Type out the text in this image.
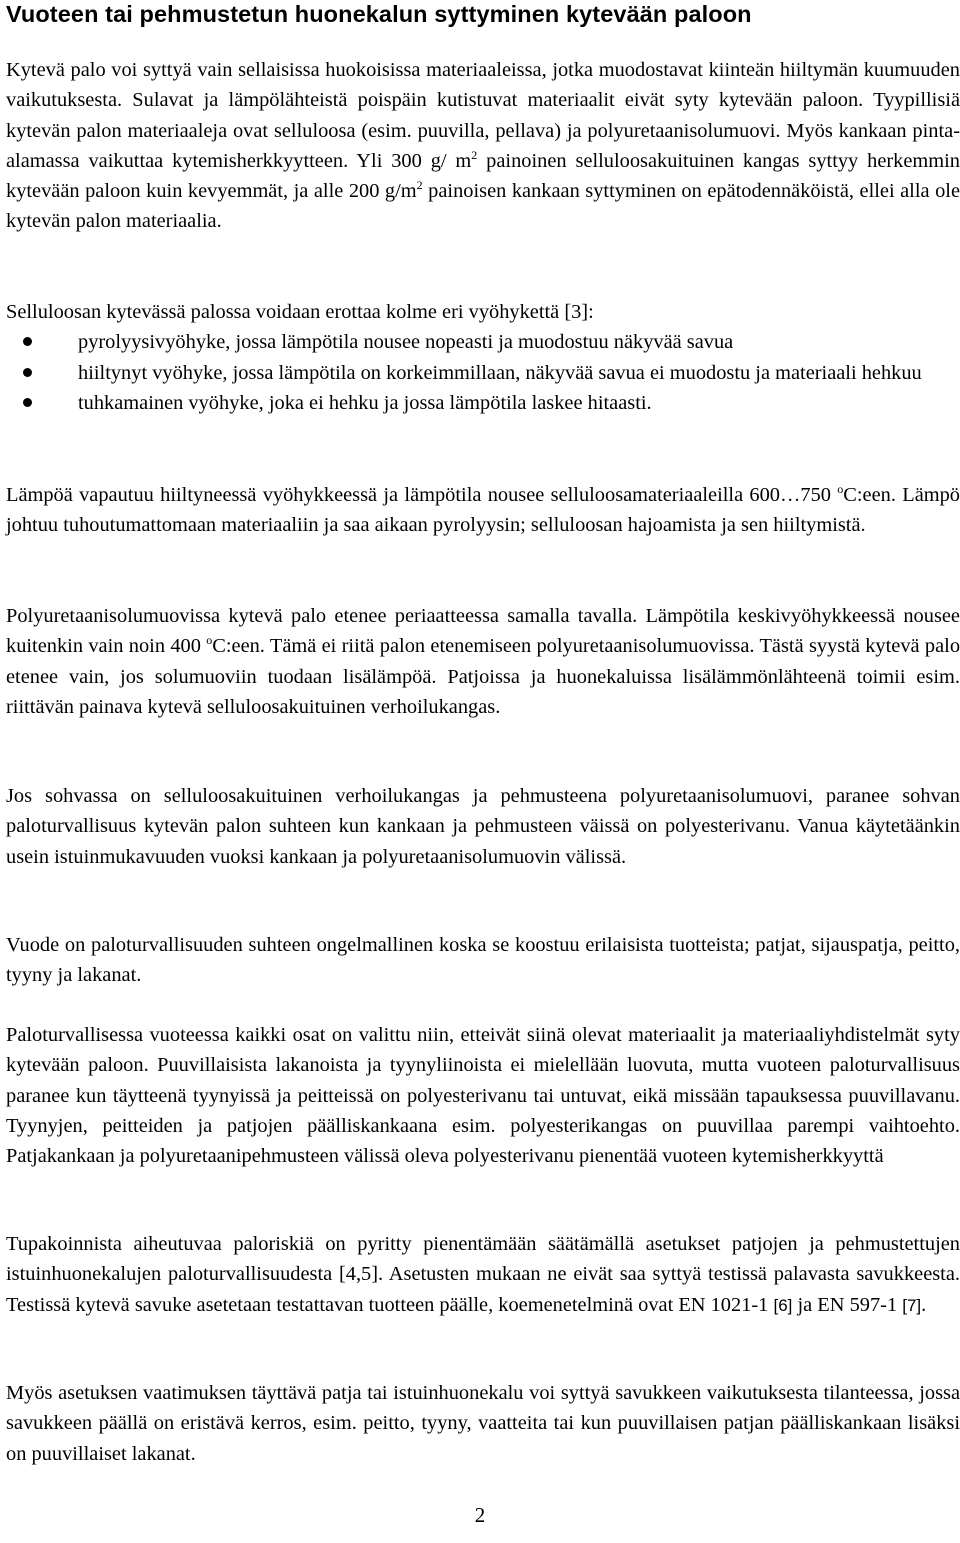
Vuoteen tai pehmustetun huonekalun syttyminen kytevään paloon

Kytevä palo voi syttyä vain sellaisissa huokoisissa materiaaleissa, jotka muodostavat kiinteän hiiltymän kuumuuden vaikutuksesta. Sulavat ja lämpölähteistä poispäin kutistuvat materiaalit eivät syty kytevään paloon. Tyypillisiä kytevän palon materiaaleja ovat selluloosa (esim. puuvilla, pellava) ja polyuretaanisolumuovi. Myös kankaan pinta-alamassa vaikuttaa kytemisherkkyytteen. Yli 300 g/ $m^2$ painoinen selluloosakuituinen kangas syttyy herkemmin kytevään paloon kuin kevyemmät, ja alle 200 $g/m^2$ painoisen kankaan syttyminen on epätodennäköistä, ellei alla ole kytevän palon materiaalia.

Selluloosan kytevässä palossa voidaan erottaa kolme eri vyöhykettä [3]:

pyrolyysivyöhyke, jossa lämpötila nousee nopeasti ja muodostuu näkyvää savua
hiiltynyt vyöhyke, jossa lämpötila on korkeimmillaan, näkyvää savua ei muodostu ja materiaali hehkuu
tuhkamainen vyöhyke, joka ei hehku ja jossa lämpötila laskee hitaasti.

Lämpöä vapautuu hiiltyneessä vyöhykkeessä ja lämpötila nousee selluloosamateriaaleilla 600…750 $^o$C:een. Lämpö johtuu tuhoutumattomaan materiaaliin ja saa aikaan pyrolyysin; selluloosan hajoamista ja sen hiiltymistä.

Polyuretaanisolumuovissa kytevä palo etenee periaatteessa samalla tavalla. Lämpötila keskivyöhykkeessä nousee kuitenkin vain noin 400 $^o$C:een. Tämä ei riitä palon etenemiseen polyuretaanisolumuovissa. Tästä syystä kytevä palo etenee vain, jos solumuoviin tuodaan lisälämpöä. Patjoissa ja huonekaluissa lisälämmönlähteenä toimii esim. riittävän painava kytevä selluloosakuituinen verhoilukangas.

Jos sohvassa on selluloosakuituinen verhoilukangas ja pehmusteena polyuretaanisolumuovi, paranee sohvan paloturvallisuus kytevän palon suhteen kun kankaan ja pehmusteen väissä on polyesterivanu. Vanua käytetäänkin usein istuinmukavuuden vuoksi kankaan ja polyuretaanisolumuovin välissä.

Vuode on paloturvallisuuden suhteen ongelmallinen koska se koostuu erilaisista tuotteista; patjat, sijauspatja, peitto, tyyny ja lakanat.

Paloturvallisessa vuoteessa kaikki osat on valittu niin, etteivät siinä olevat materiaalit ja materiaaliyhdistelmät syty kytevään paloon. Puuvillaisista lakanoista ja tyynyliinoista ei mielellään luovuta, mutta vuoteen paloturvallisuus paranee kun täytteenä tyynyissä ja peitteissä on polyesterivanu tai untuvat, eikä missään tapauksessa puuvillavanu. Tyynyjen, peitteiden ja patjojen päälliskankaana esim. polyesterikangas on puuvillaa parempi vaihtoehto. Patjakankaan ja polyuretaanipehmusteen välissä oleva polyesterivanu pienentää vuoteen kytemisherkkyyttä

Tupakoinnista aiheutuvaa paloriskiä on pyritty pienentämään säätämällä asetukset patjojen ja pehmustettujen istuinhuonekalujen paloturvallisuudesta [4,5]. Asetusten mukaan ne eivät saa syttyä testissä palavasta savukkeesta. Testissä kytevä savuke asetetaan testattavan tuotteen päälle, koemenetelminä ovat EN 1021-1 [6] ja EN 597-1 [7].

Myös asetuksen vaatimuksen täyttävä patja tai istuinhuonekalu voi syttyä savukkeen vaikutuksesta tilanteessa, jossa savukkeen päällä on eristävä kerros, esim. peitto, tyyny, vaatteita tai kun puuvillaisen patjan päälliskankaan lisäksi on puuvillaiset lakanat.

2
